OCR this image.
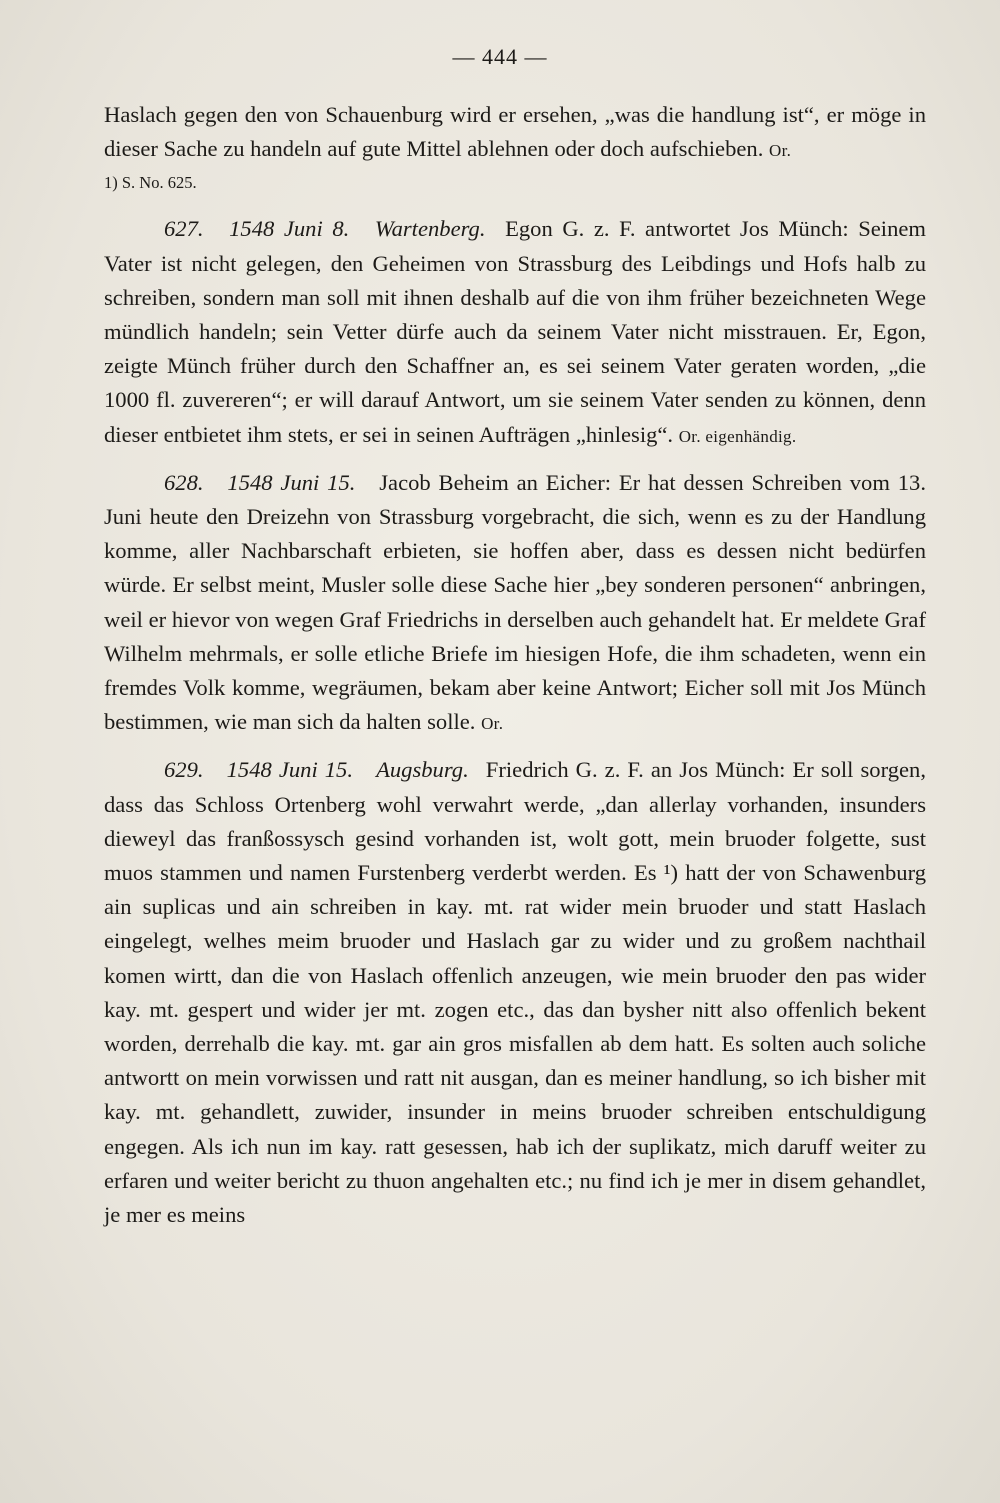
— 444 —

Haslach gegen den von Schauenburg wird er ersehen, „was die handlung ist“, er möge in dieser Sache zu handeln auf gute Mittel ablehnen oder doch aufschieben. Or.

1) S. No. 625.

627. 1548 Juni 8. Wartenberg. Egon G. z. F. antwortet Jos Münch: Seinem Vater ist nicht gelegen, den Geheimen von Strassburg des Leibdings und Hofs halb zu schreiben, sondern man soll mit ihnen deshalb auf die von ihm früher bezeichneten Wege mündlich handeln; sein Vetter dürfe auch da seinem Vater nicht misstrauen. Er, Egon, zeigte Münch früher durch den Schaffner an, es sei seinem Vater geraten worden, „die 1000 fl. zuvereren“; er will darauf Antwort, um sie seinem Vater senden zu können, denn dieser entbietet ihm stets, er sei in seinen Aufträgen „hinlesig“. Or. eigenhändig.

628. 1548 Juni 15. Jacob Beheim an Eicher: Er hat dessen Schreiben vom 13. Juni heute den Dreizehn von Strassburg vorgebracht, die sich, wenn es zu der Handlung komme, aller Nachbarschaft erbieten, sie hoffen aber, dass es dessen nicht bedürfen würde. Er selbst meint, Musler solle diese Sache hier „bey sonderen personen“ anbringen, weil er hievor von wegen Graf Friedrichs in derselben auch gehandelt hat. Er meldete Graf Wilhelm mehrmals, er solle etliche Briefe im hiesigen Hofe, die ihm schadeten, wenn ein fremdes Volk komme, wegräumen, bekam aber keine Antwort; Eicher soll mit Jos Münch bestimmen, wie man sich da halten solle. Or.

629. 1548 Juni 15. Augsburg. Friedrich G. z. F. an Jos Münch: Er soll sorgen, dass das Schloss Ortenberg wohl verwahrt werde, „dan allerlay vorhanden, insunders dieweyl das franßossysch gesind vorhanden ist, wolt gott, mein bruoder folgette, sust muos stammen und namen Furstenberg verderbt werden. Es ¹) hatt der von Schawenburg ain suplicas und ain schreiben in kay. mt. rat wider mein bruoder und statt Haslach eingelegt, welhes meim bruoder und Haslach gar zu wider und zu großem nachthail komen wirtt, dan die von Haslach offenlich anzeugen, wie mein bruoder den pas wider kay. mt. gespert und wider jer mt. zogen etc., das dan bysher nitt also offenlich bekent worden, derrehalb die kay. mt. gar ain gros misfallen ab dem hatt. Es solten auch soliche antwortt on mein vorwissen und ratt nit ausgan, dan es meiner handlung, so ich bisher mit kay. mt. gehandlett, zuwider, insunder in meins bruoder schreiben entschuldigung engegen. Als ich nun im kay. ratt gesessen, hab ich der suplikatz, mich daruff weiter zu erfaren und weiter bericht zu thuon angehalten etc.; nu find ich je mer in disem gehandlet, je mer es meins
